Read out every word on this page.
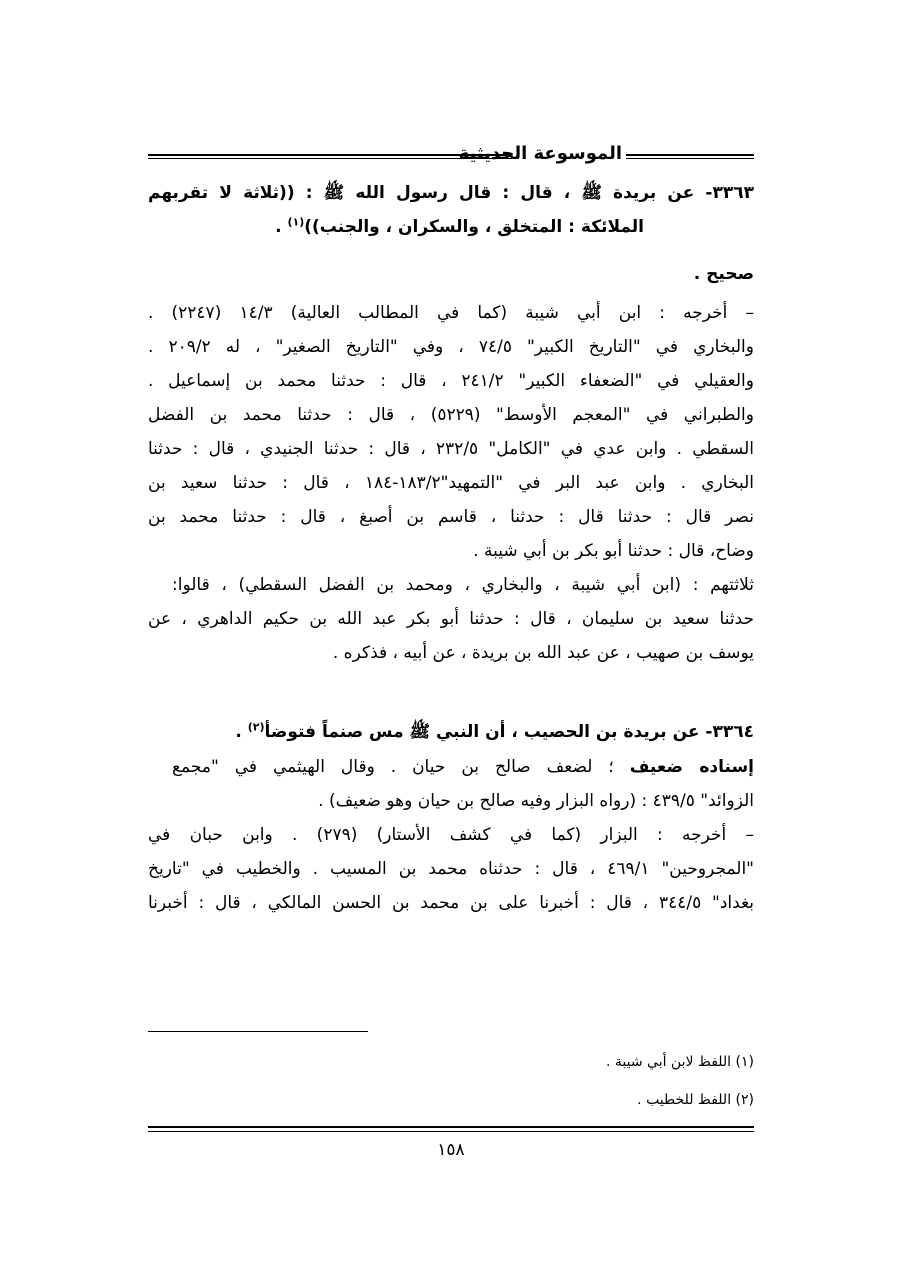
الموسوعة الحديثية
٣٣٦٣- عن بريدة ﷺ ، قال : قال رسول الله ﷺ : ((ثلاثة لا تقربهم
الملائكة : المتخلق ، والسكران ، والجنب))$^{(١)}$ .
صحيح .
– أخرجه : ابن أبي شيبة (كما في المطالب العالية) ١٤/٣ (٢٢٤٧) .
والبخاري في "التاريخ الكبير" ٧٤/٥ ، وفي "التاريخ الصغير" ، له ٢٠٩/٢ .
والعقيلي في "الضعفاء الكبير" ٢٤١/٢ ، قال : حدثنا محمد بن إسماعيل .
والطبراني في "المعجم الأوسط" (٥٢٢٩) ، قال : حدثنا محمد بن الفضل
السقطي . وابن عدي في "الكامل" ٢٣٢/٥ ، قال : حدثنا الجنيدي ، قال : حدثنا
البخاري . وابن عبد البر في "التمهيد"١٨٣/٢-١٨٤ ، قال : حدثنا سعيد بن
نصر قال : حدثنا قال : حدثنا ، قاسم بن أصبغ ، قال : حدثنا محمد بن
وضاح، قال : حدثنا أبو بكر بن أبي شيبة .
ثلاثتهم : (ابن أبي شيبة ، والبخاري ، ومحمد بن الفضل السقطي) ، قالوا:
حدثنا سعيد بن سليمان ، قال : حدثنا أبو بكر عبد الله بن حكيم الداهري ، عن
يوسف بن صهيب ، عن عبد الله بن بريدة ، عن أبيه ، فذكره .
٣٣٦٤- عن بريدة بن الحصيب ، أن النبي ﷺ مس صنماً فتوضأ$^{(٢)}$ .
إسناده ضعيف ؛ لضعف صالح بن حيان . وقال الهيثمي في "مجمع
الزوائد" ٤٣٩/٥ : (رواه البزار وفيه صالح بن حيان وهو ضعيف) .
– أخرجه : البزار (كما في كشف الأستار) (٢٧٩) . وابن حبان في
"المجروحين" ٤٦٩/١ ، قال : حدثناه محمد بن المسيب . والخطيب في "تاريخ
بغداد" ٣٤٤/٥ ، قال : أخبرنا على بن محمد بن الحسن المالكي ، قال : أخبرنا
(١) اللفظ لابن أبي شيبة .
(٢) اللفظ للخطيب .
١٥٨
